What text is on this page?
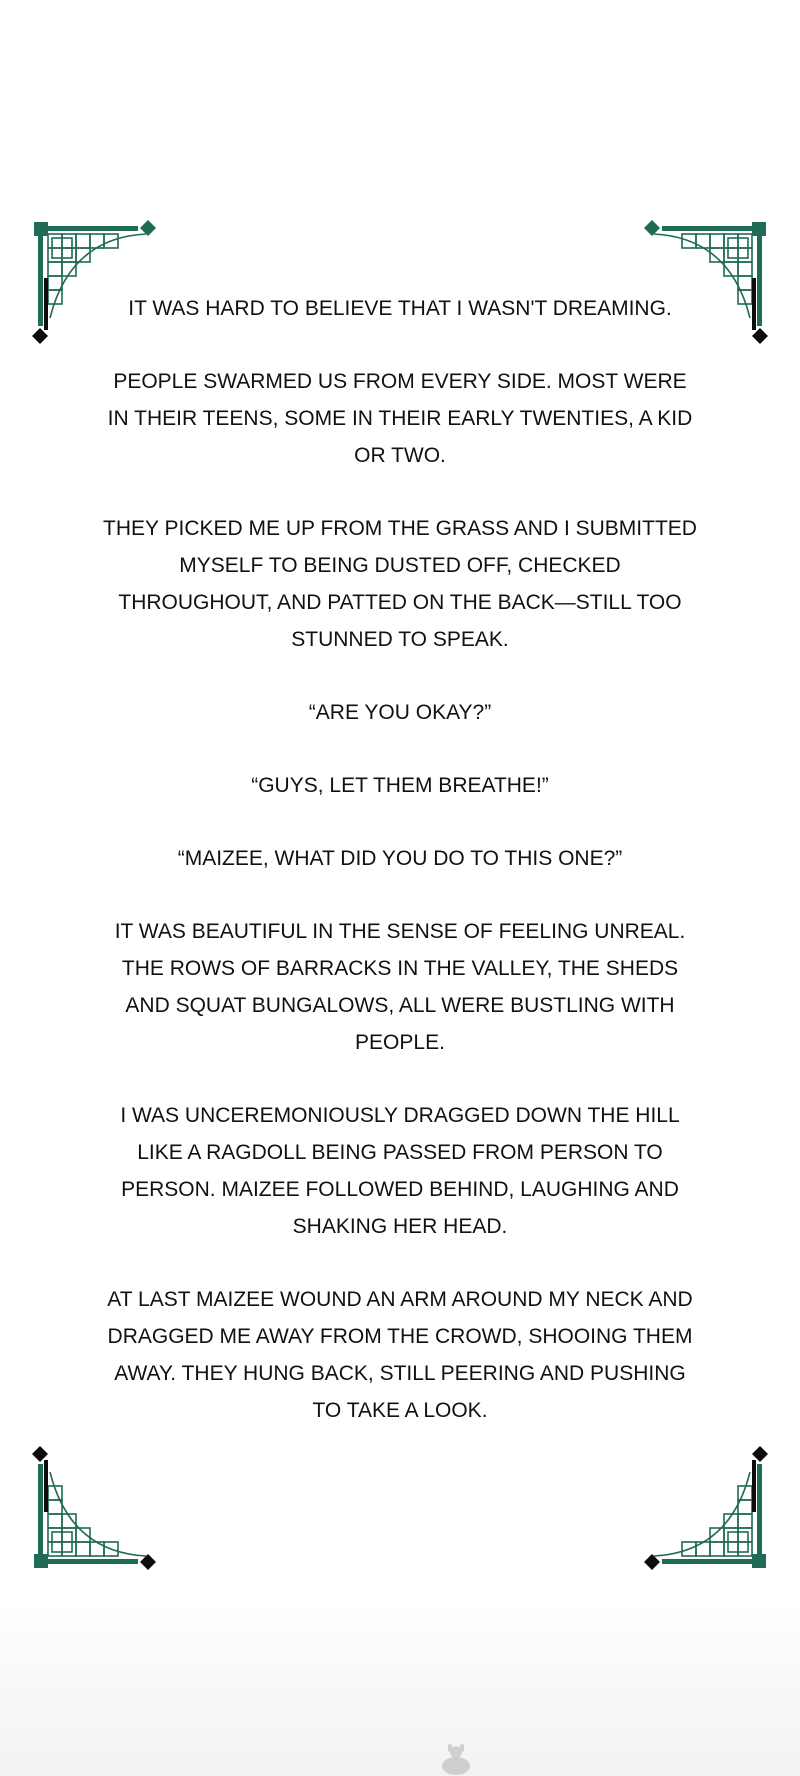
IT WAS HARD TO BELIEVE THAT I WASN'T DREAMING.

PEOPLE SWARMED US FROM EVERY SIDE. MOST WERE IN THEIR TEENS, SOME IN THEIR EARLY TWENTIES, A KID OR TWO.

THEY PICKED ME UP FROM THE GRASS AND I SUBMITTED MYSELF TO BEING DUSTED OFF, CHECKED THROUGHOUT, AND PATTED ON THE BACK—STILL TOO STUNNED TO SPEAK.

“ARE YOU OKAY?”

“GUYS, LET THEM BREATHE!”

“MAIZEE, WHAT DID YOU DO TO THIS ONE?”

IT WAS BEAUTIFUL IN THE SENSE OF FEELING UNREAL. THE ROWS OF BARRACKS IN THE VALLEY, THE SHEDS AND SQUAT BUNGALOWS, ALL WERE BUSTLING WITH PEOPLE.

I WAS UNCEREMONIOUSLY DRAGGED DOWN THE HILL LIKE A RAGDOLL BEING PASSED FROM PERSON TO PERSON. MAIZEE FOLLOWED BEHIND, LAUGHING AND SHAKING HER HEAD.

AT LAST MAIZEE WOUND AN ARM AROUND MY NECK AND DRAGGED ME AWAY FROM THE CROWD, SHOOING THEM AWAY. THEY HUNG BACK, STILL PEERING AND PUSHING TO TAKE A LOOK.
